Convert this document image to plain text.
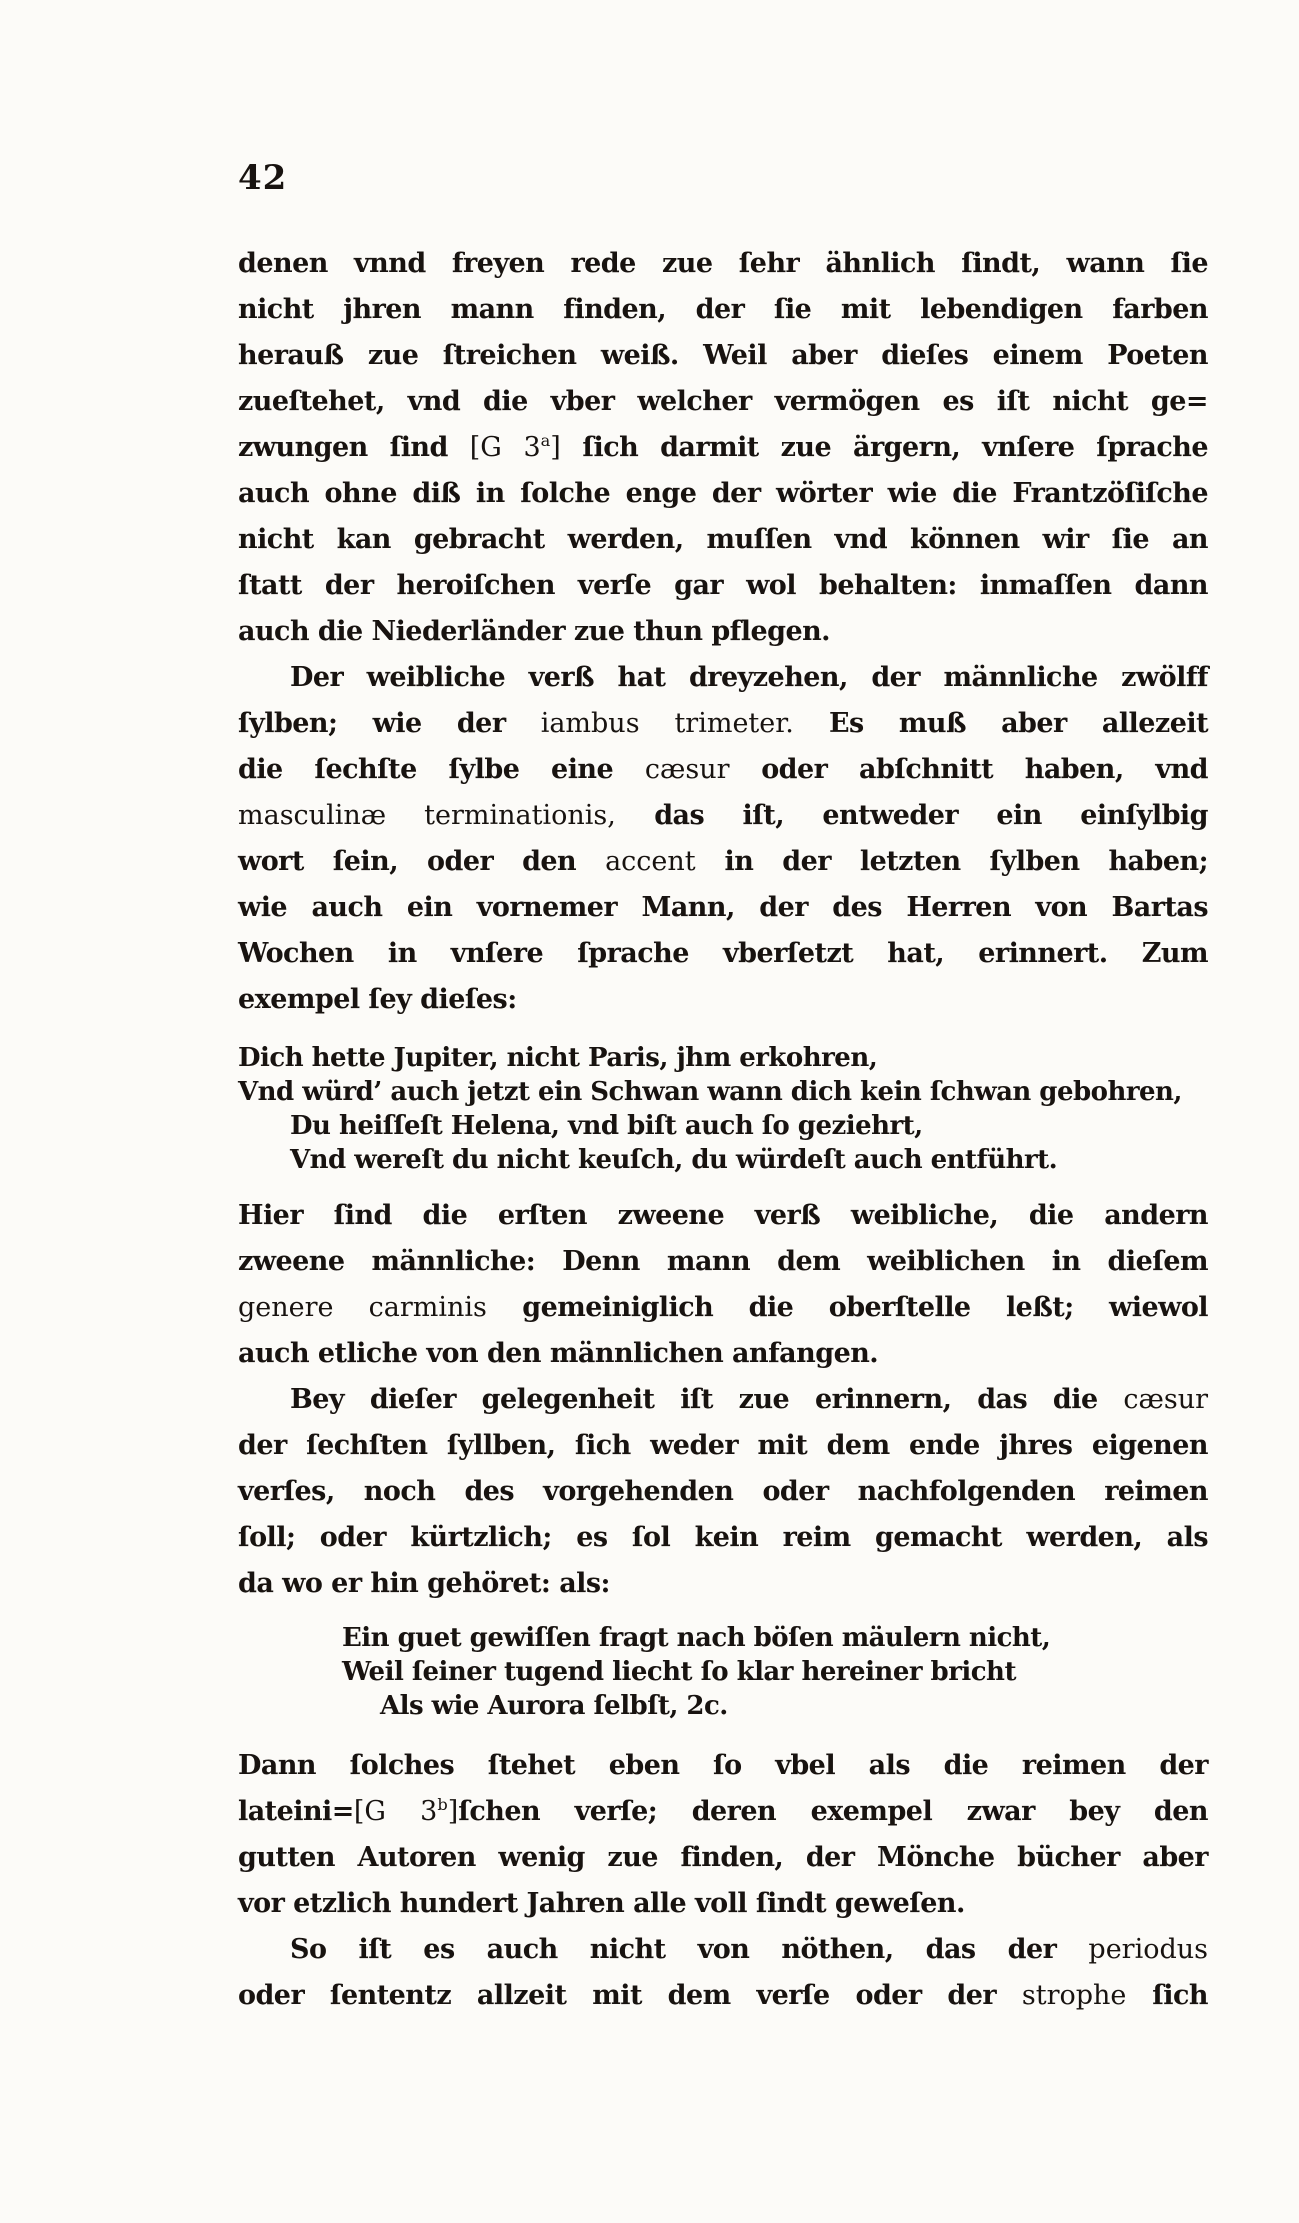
42
denen vnnd freyen rede zue ſehr ähnlich ſindt, wann ſie
nicht jhren mann finden, der ſie mit lebendigen farben
herauß zue ſtreichen weiß. Weil aber dieſes einem Poeten
zueſtehet, vnd die vber welcher vermögen es iſt nicht ge=
zwungen ſind [G 3$^a$] ſich darmit zue ärgern, vnſere ſprache
auch ohne diß in ſolche enge der wörter wie die Frantzöſiſche
nicht kan gebracht werden, muſſen vnd können wir ſie an
ſtatt der heroiſchen verſe gar wol behalten: inmaſſen dann
auch die Niederländer zue thun pflegen.
Der weibliche verß hat dreyzehen, der männliche zwölff
ſylben; wie der iambus trimeter. Es muß aber allezeit
die ſechſte ſylbe eine cæsur oder abſchnitt haben, vnd
masculinæ terminationis, das iſt, entweder ein einſylbig
wort ſein, oder den accent in der letzten ſylben haben;
wie auch ein vornemer Mann, der des Herren von Bartas
Wochen in vnſere ſprache vberſetzt hat, erinnert. Zum
exempel ſey dieſes:
Dich hette Jupiter, nicht Paris, jhm erkohren,
Vnd würd’ auch jetzt ein Schwan wann dich kein ſchwan gebohren,
Du heiſſeſt Helena, vnd biſt auch ſo geziehrt,
Vnd wereſt du nicht keuſch, du würdeſt auch entführt.
Hier ſind die erſten zweene verß weibliche, die andern
zweene männliche: Denn mann dem weiblichen in dieſem
genere carminis gemeiniglich die oberſtelle leßt; wiewol
auch etliche von den männlichen anfangen.
Bey dieſer gelegenheit iſt zue erinnern, das die cæsur
der ſechſten ſyllben, ſich weder mit dem ende jhres eigenen
verſes, noch des vorgehenden oder nachfolgenden reimen
ſoll; oder kürtzlich; es ſol kein reim gemacht werden, als
da wo er hin gehöret: als:
Ein guet gewiſſen fragt nach böſen mäulern nicht,
Weil ſeiner tugend liecht ſo klar hereiner bricht
Als wie Aurora ſelbſt, 2c.
Dann ſolches ſtehet eben ſo vbel als die reimen der
lateini=[G 3$^b$]ſchen verſe; deren exempel zwar bey den
gutten Autoren wenig zue finden, der Mönche bücher aber
vor etzlich hundert Jahren alle voll ſindt geweſen.
So iſt es auch nicht von nöthen, das der periodus
oder ſententz allzeit mit dem verſe oder der strophe ſich
